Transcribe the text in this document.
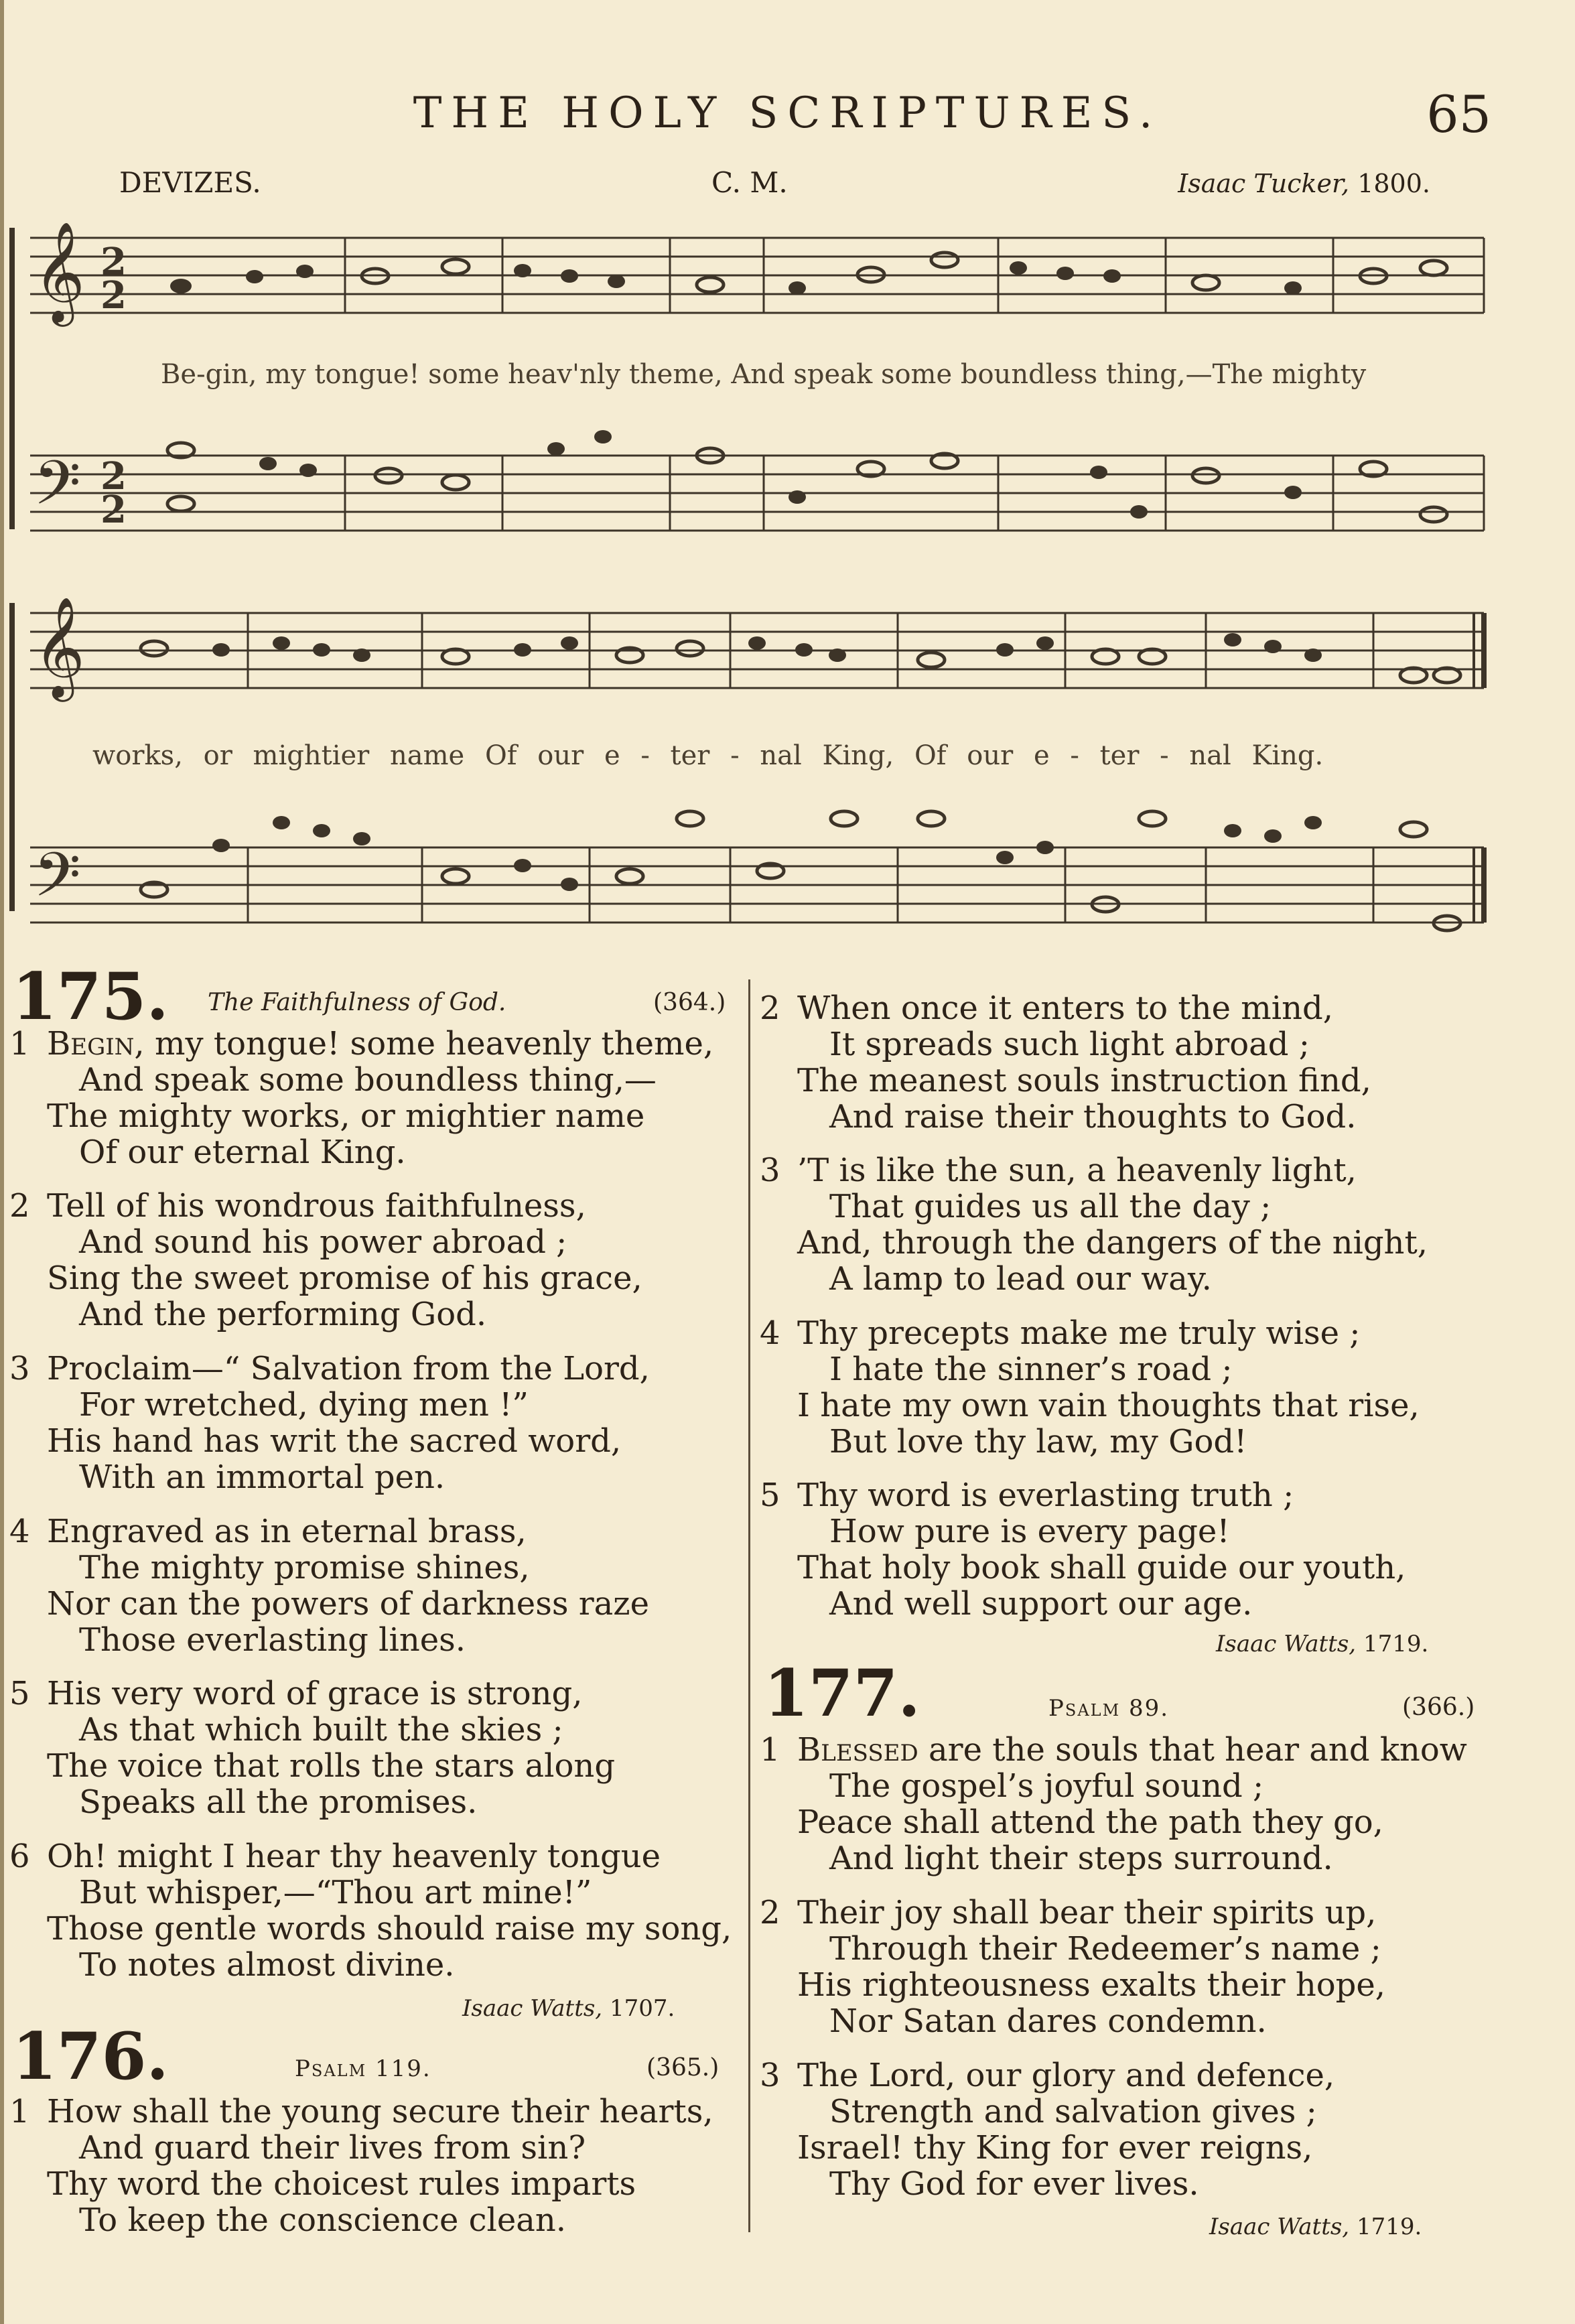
THE HOLY SCRIPTURES.	65
DEVIZES.	C. M.	Isaac Tucker, 1800.
𝄞
𝄢
2
2
2
2
Be-gin, my tongue! some heav'nly theme, And speak some boundless thing,—The mighty
𝄞
𝄢
works, or mightier name Of our e - ter - nal King, Of our e - ter - nal King.
175. The Faithfulness of God.	(364.)
1 Begin, my tongue! some heavenly theme,
And speak some boundless thing,—
The mighty works, or mightier name
Of our eternal King.
2 Tell of his wondrous faithfulness,
And sound his power abroad ;
Sing the sweet promise of his grace,
And the performing God.
3 Proclaim—“ Salvation from the Lord,
For wretched, dying men !”
His hand has writ the sacred word,
With an immortal pen.
4 Engraved as in eternal brass,
The mighty promise shines,
Nor can the powers of darkness raze
Those everlasting lines.
5 His very word of grace is strong,
As that which built the skies ;
The voice that rolls the stars along
Speaks all the promises.
6 Oh! might I hear thy heavenly tongue
But whisper,—“Thou art mine!”
Those gentle words should raise my song,
To notes almost divine.
Isaac Watts, 1707.
176.	Psalm 119.	(365.)
1 How shall the young secure their hearts,
And guard their lives from sin?
Thy word the choicest rules imparts
To keep the conscience clean.
2 When once it enters to the mind,
It spreads such light abroad ;
The meanest souls instruction find,
And raise their thoughts to God.
3 ’T is like the sun, a heavenly light,
That guides us all the day ;
And, through the dangers of the night,
A lamp to lead our way.
4 Thy precepts make me truly wise ;
I hate the sinner’s road ;
I hate my own vain thoughts that rise,
But love thy law, my God!
5 Thy word is everlasting truth ;
How pure is every page!
That holy book shall guide our youth,
And well support our age.
Isaac Watts, 1719.
177.	Psalm 89.	(366.)
1 Blessed are the souls that hear and know
The gospel’s joyful sound ;
Peace shall attend the path they go,
And light their steps surround.
2 Their joy shall bear their spirits up,
Through their Redeemer’s name ;
His righteousness exalts their hope,
Nor Satan dares condemn.
3 The Lord, our glory and defence,
Strength and salvation gives ;
Israel! thy King for ever reigns,
Thy God for ever lives.
Isaac Watts, 1719.
